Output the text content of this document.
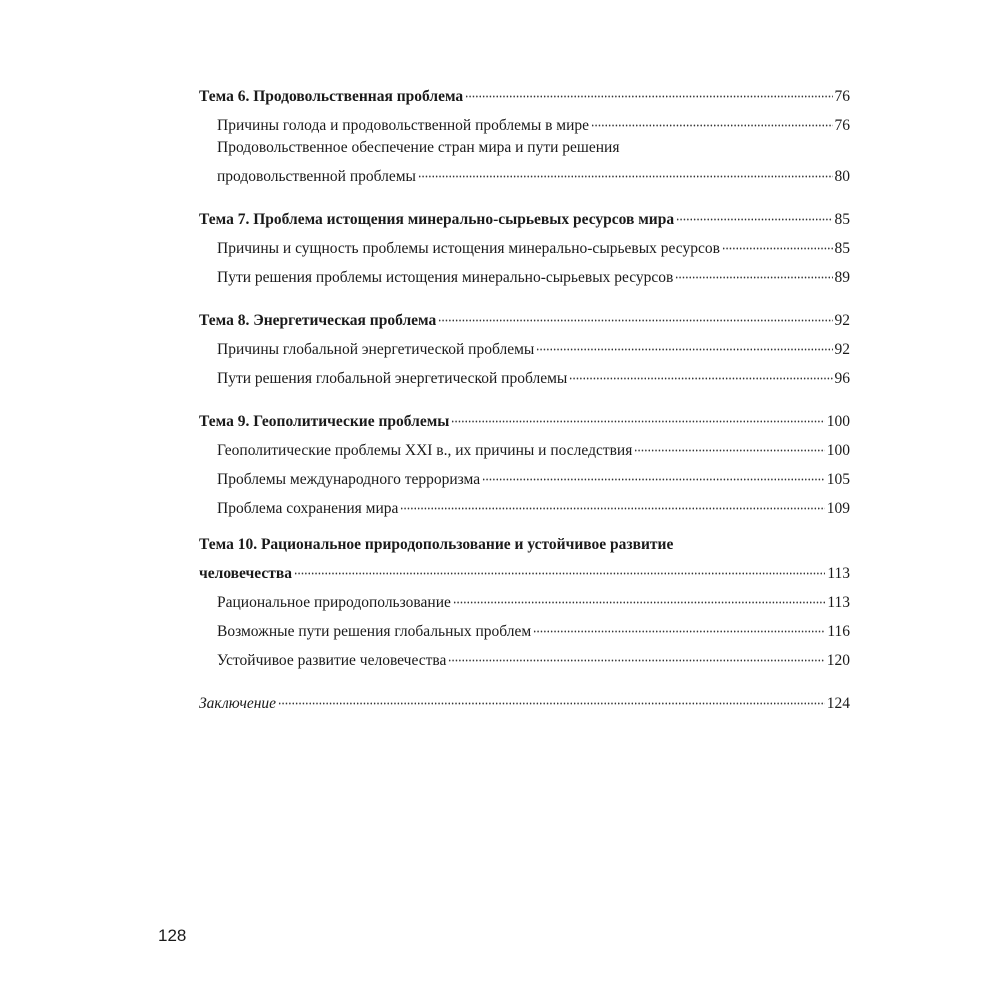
Тема 6. Продовольственная проблема	76
Причины голода и продовольственной проблемы в мире	76
Продовольственное обеспечение стран мира и пути решения
продовольственной проблемы	80
Тема 7. Проблема истощения минерально-сырьевых ресурсов мира	85
Причины и сущность проблемы истощения минерально-сырьевых ресурсов	85
Пути решения проблемы истощения минерально-сырьевых ресурсов	89
Тема 8. Энергетическая проблема	92
Причины глобальной энергетической проблемы	92
Пути решения глобальной энергетической проблемы	96
Тема 9. Геополитические проблемы	100
Геополитические проблемы XXI в., их причины и последствия	100
Проблемы международного терроризма	105
Проблема сохранения мира	109
Тема 10. Рациональное природопользование и устойчивое развитие
человечества	113
Рациональное природопользование	113
Возможные пути решения глобальных проблем	116
Устойчивое развитие человечества	120
Заключение	124
128
